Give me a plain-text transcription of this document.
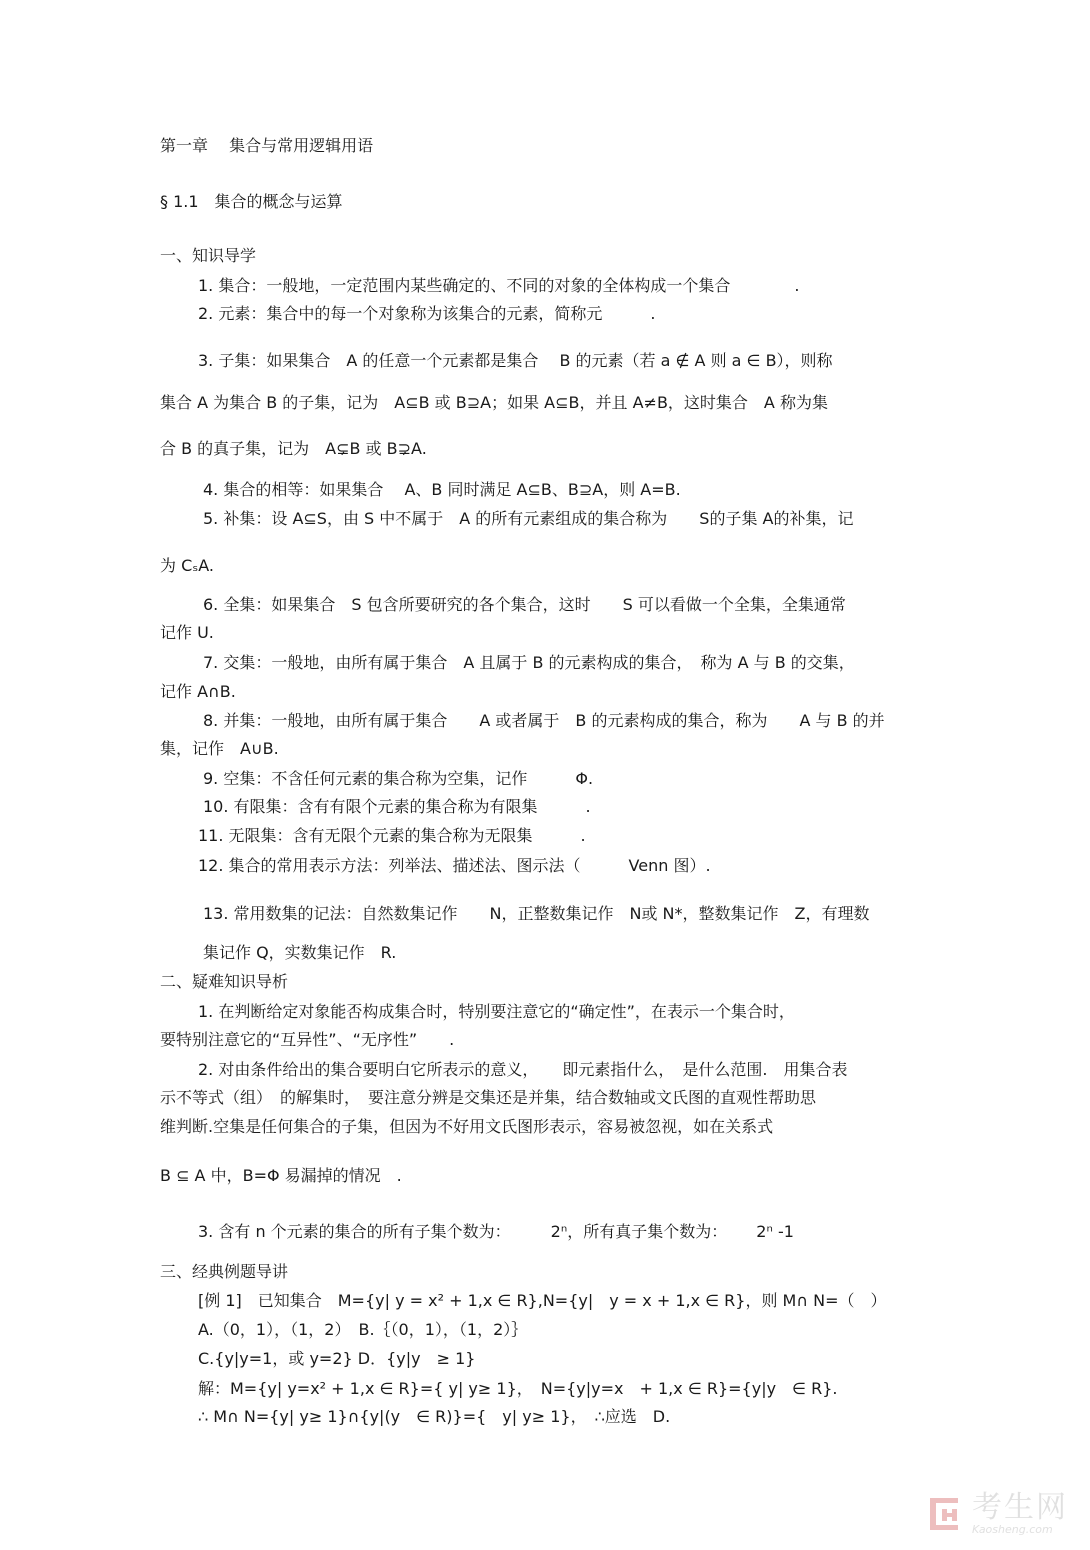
第一章　 集合与常用逻辑用语
§ 1.1　集合的概念与运算
一、知识导学
1. 集合：一般地，一定范围内某些确定的、不同的对象的全体构成一个集合　　　　.
2. 元素：集合中的每一个对象称为该集合的元素，简称元　　　.
3. 子集：如果集合　A 的任意一个元素都是集合　 B 的元素（若 a ∉ A 则 a ∈ B），则称
集合 A 为集合 B 的子集，记为　A⊆B 或 B⊇A；如果 A⊆B，并且 A≠B，这时集合　A 称为集
合 B 的真子集，记为　A⊊B 或 B⊋A.
4. 集合的相等：如果集合　 A、B 同时满足 A⊆B、B⊇A，则 A=B.
5. 补集：设 A⊆S，由 S 中不属于　A 的所有元素组成的集合称为　　S的子集 A的补集，记
为 CₛA.
6. 全集：如果集合　S 包含所要研究的各个集合，这时　　S 可以看做一个全集，全集通常
记作 U.
7. 交集：一般地，由所有属于集合　A 且属于 B 的元素构成的集合，　称为 A 与 B 的交集，
记作 A∩B.
8. 并集：一般地，由所有属于集合　　A 或者属于　B 的元素构成的集合，称为　　A 与 B 的并
集，记作　A∪B.
9. 空集：不含任何元素的集合称为空集，记作　　　Φ.
10. 有限集：含有有限个元素的集合称为有限集　　　.
11. 无限集：含有无限个元素的集合称为无限集　　　.
12. 集合的常用表示方法：列举法、描述法、图示法（　　　Venn 图）.
13. 常用数集的记法：自然数集记作　　N，正整数集记作　N或 N*，整数集记作　Z，有理数
集记作 Q，实数集记作　R.
二、疑难知识导析
1. 在判断给定对象能否构成集合时，特别要注意它的“确定性”，在表示一个集合时，
要特别注意它的“互异性”、“无序性”　　.
2. 对由条件给出的集合要明白它所表示的意义，　　即元素指什么，　是什么范围.　用集合表
示不等式（组）　的解集时，　要注意分辨是交集还是并集，结合数轴或文氏图的直观性帮助思
维判断.空集是任何集合的子集，但因为不好用文氏图形表示，容易被忽视，如在关系式
B ⊆ A 中，B=Φ 易漏掉的情况　.
3. 含有 n 个元素的集合的所有子集个数为：　　　2ⁿ，所有真子集个数为：　　 2ⁿ -1
三、经典例题导讲
[例 1]　已知集合　M={y| y = x² + 1,x ∈ R},N={y|　y = x + 1,x ∈ R}，则 M∩ N=（　）
A.（0，1），（1，2）　B.｛（0，1），（1，2）｝
C.{y|y=1，或 y=2} D．{y|y　≥ 1}
解：M={y| y=x² + 1,x ∈ R}={ y| y≥ 1}，　N={y|y=x　+ 1,x ∈ R}={y|y　∈ R}.
∴ M∩ N={y| y≥ 1}∩{y|(y　∈ R)}={　y| y≥ 1}，　∴应选　D.
考生网
Kaosheng.com
